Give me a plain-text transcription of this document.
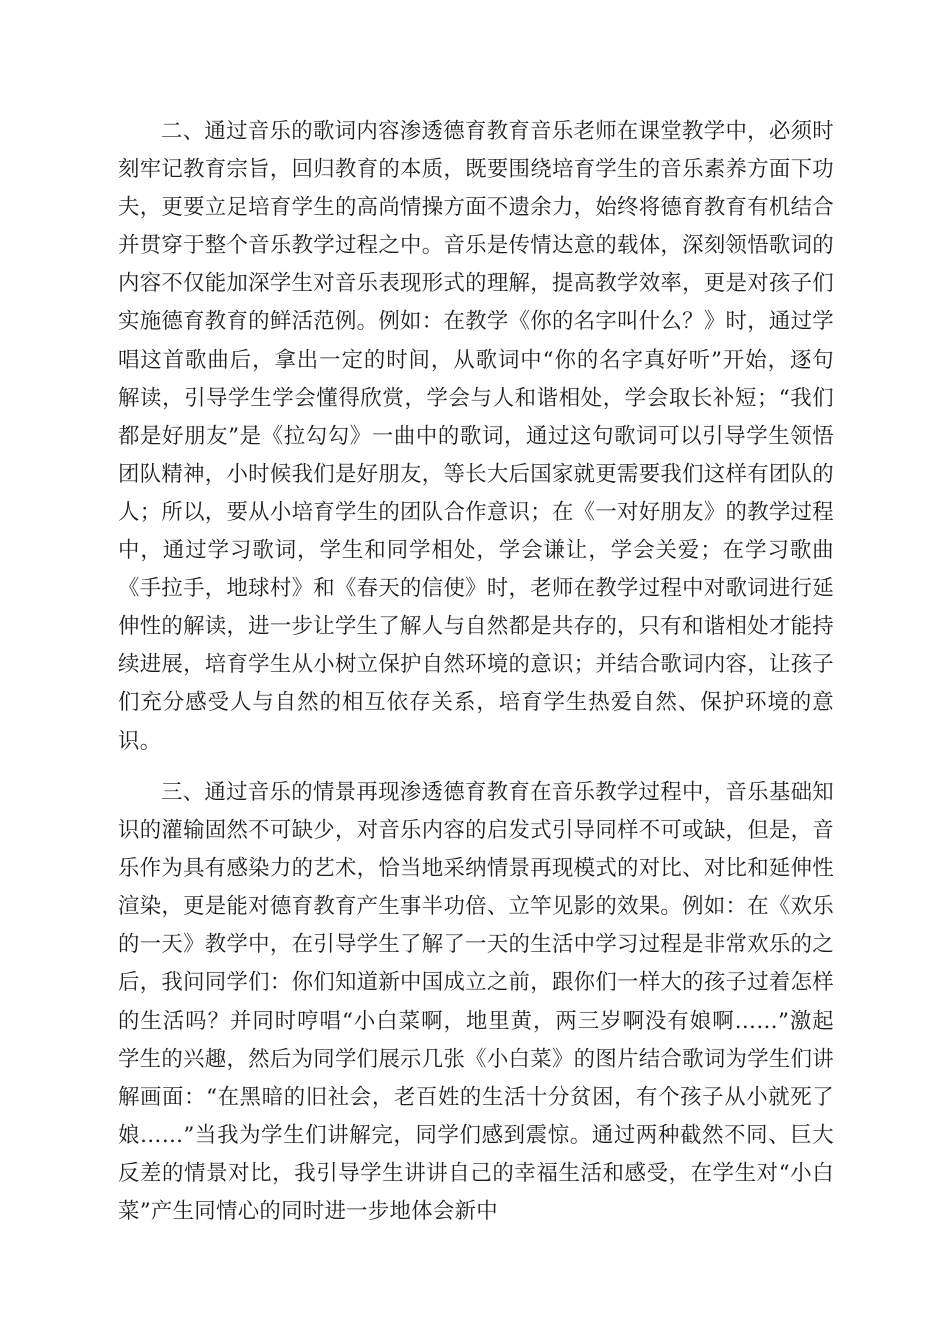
二、通过音乐的歌词内容渗透德育教育音乐老师在课堂教学中，必须时刻牢记教育宗旨，回归教育的本质，既要围绕培育学生的音乐素养方面下功夫，更要立足培育学生的高尚情操方面不遗余力，始终将德育教育有机结合并贯穿于整个音乐教学过程之中。音乐是传情达意的载体，深刻领悟歌词的内容不仅能加深学生对音乐表现形式的理解，提高教学效率，更是对孩子们实施德育教育的鲜活范例。例如：在教学《你的名字叫什么？》时，通过学唱这首歌曲后，拿出一定的时间，从歌词中“你的名字真好听”开始，逐句解读，引导学生学会懂得欣赏，学会与人和谐相处，学会取长补短；“我们都是好朋友”是《拉勾勾》一曲中的歌词，通过这句歌词可以引导学生领悟团队精神，小时候我们是好朋友，等长大后国家就更需要我们这样有团队的人；所以，要从小培育学生的团队合作意识；在《一对好朋友》的教学过程中，通过学习歌词，学生和同学相处，学会谦让，学会关爱；在学习歌曲《手拉手，地球村》和《春天的信使》时，老师在教学过程中对歌词进行延伸性的解读，进一步让学生了解人与自然都是共存的，只有和谐相处才能持续进展，培育学生从小树立保护自然环境的意识；并结合歌词内容，让孩子们充分感受人与自然的相互依存关系，培育学生热爱自然、保护环境的意识。

三、通过音乐的情景再现渗透德育教育在音乐教学过程中，音乐基础知识的灌输固然不可缺少，对音乐内容的启发式引导同样不可或缺，但是，音乐作为具有感染力的艺术，恰当地采纳情景再现模式的对比、对比和延伸性渲染，更是能对德育教育产生事半功倍、立竿见影的效果。例如：在《欢乐的一天》教学中，在引导学生了解了一天的生活中学习过程是非常欢乐的之后，我问同学们：你们知道新中国成立之前，跟你们一样大的孩子过着怎样的生活吗？并同时哼唱“小白菜啊，地里黄，两三岁啊没有娘啊……”激起学生的兴趣，然后为同学们展示几张《小白菜》的图片结合歌词为学生们讲解画面：“在黑暗的旧社会，老百姓的生活十分贫困，有个孩子从小就死了娘……”当我为学生们讲解完，同学们感到震惊。通过两种截然不同、巨大反差的情景对比，我引导学生讲讲自己的幸福生活和感受，在学生对“小白菜”产生同情心的同时进一步地体会新中
